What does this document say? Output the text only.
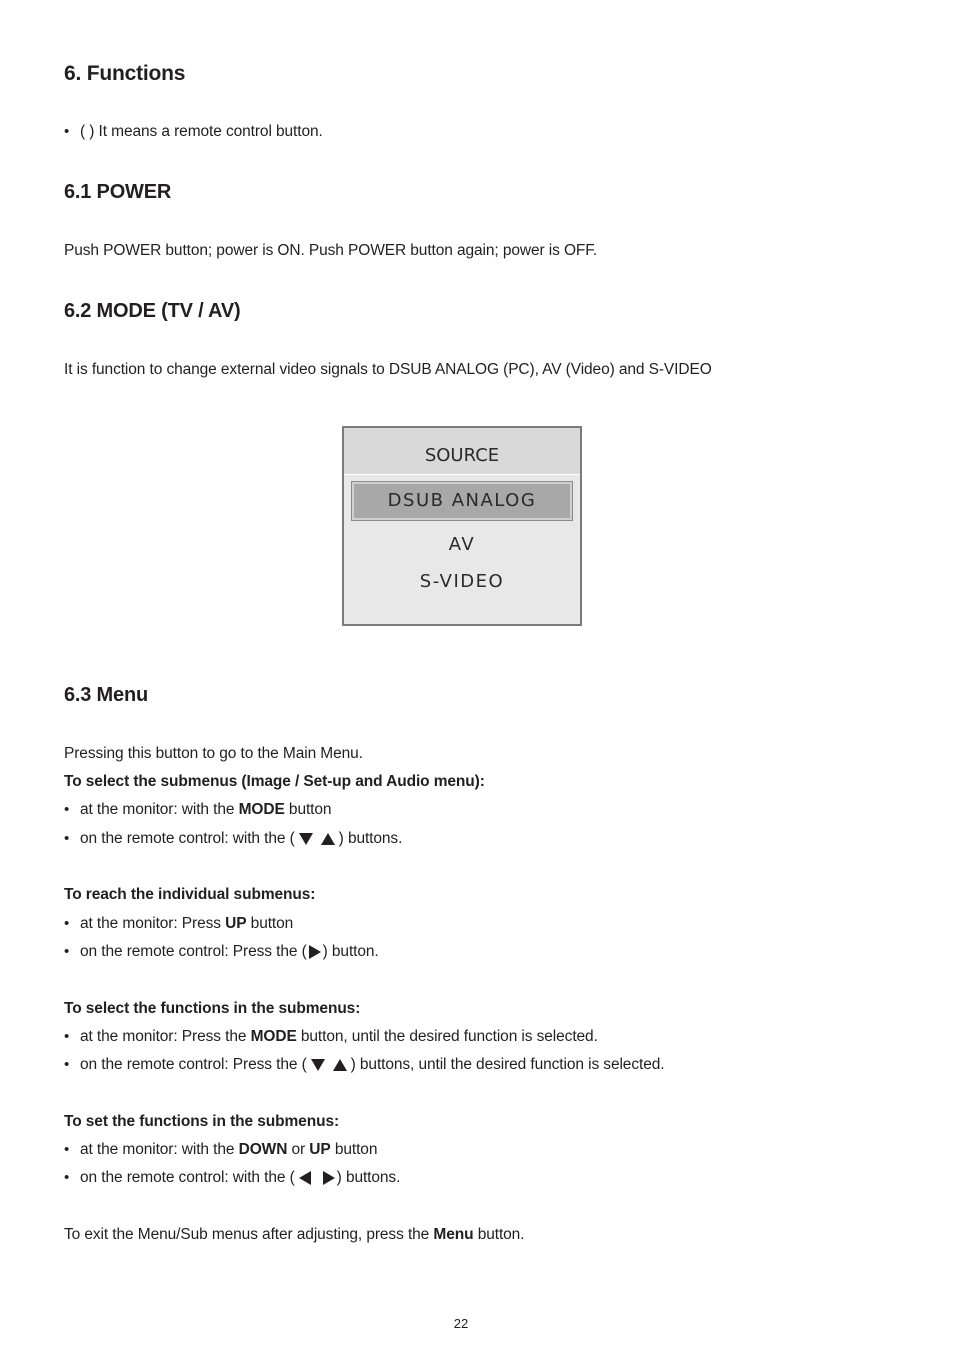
6. Functions
• ( ) It means a remote control button.
6.1 POWER
Push POWER button; power is ON. Push POWER button again; power is OFF.
6.2 MODE (TV / AV)
It is function to change external video signals to DSUB ANALOG (PC), AV (Video) and S-VIDEO
SOURCE
DSUB ANALOG
AV
S-VIDEO
6.3 Menu
Pressing this button to go to the Main Menu.
To select the submenus (Image / Set-up and Audio menu):
• at the monitor: with the MODE button
• on the remote control: with the (	) buttons.
To reach the individual submenus:
• at the monitor: Press UP button
• on the remote control: Press the ( ) button.
To select the functions in the submenus:
• at the monitor: Press the MODE button, until the desired function is selected.
• on the remote control: Press the (	) buttons, until the desired function is selected.
To set the functions in the submenus:
• at the monitor: with the DOWN or UP button
• on the remote control: with the (	) buttons.
To exit the Menu/Sub menus after adjusting, press the Menu button.
22
